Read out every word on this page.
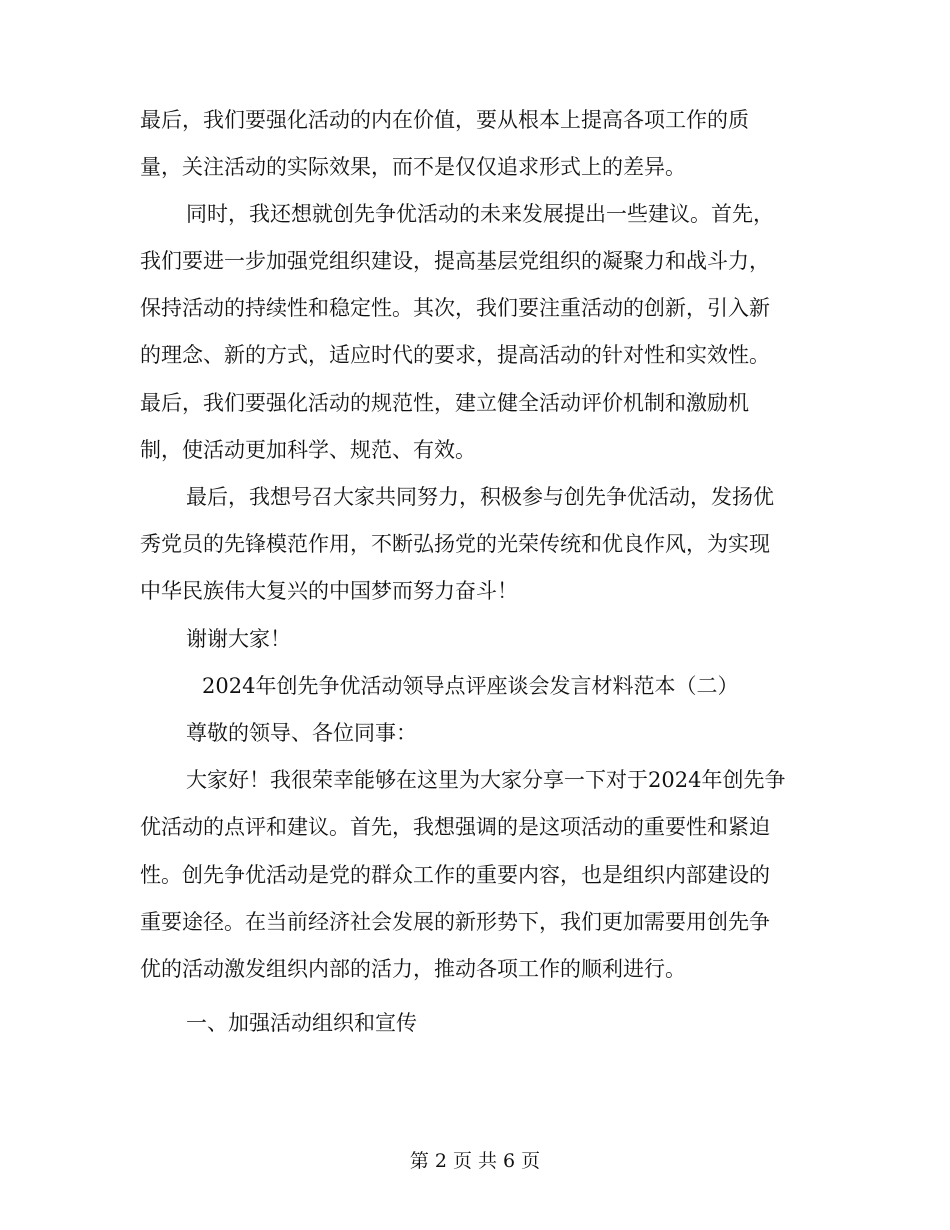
最后，我们要强化活动的内在价值，要从根本上提高各项工作的质
量，关注活动的实际效果，而不是仅仅追求形式上的差异。
同时，我还想就创先争优活动的未来发展提出一些建议。首先，
我们要进一步加强党组织建设，提高基层党组织的凝聚力和战斗力，
保持活动的持续性和稳定性。其次，我们要注重活动的创新，引入新
的理念、新的方式，适应时代的要求，提高活动的针对性和实效性。
最后，我们要强化活动的规范性，建立健全活动评价机制和激励机
制，使活动更加科学、规范、有效。
最后，我想号召大家共同努力，积极参与创先争优活动，发扬优
秀党员的先锋模范作用，不断弘扬党的光荣传统和优良作风，为实现
中华民族伟大复兴的中国梦而努力奋斗！
谢谢大家！
2024年创先争优活动领导点评座谈会发言材料范本（二）
尊敬的领导、各位同事：
大家好！我很荣幸能够在这里为大家分享一下对于2024年创先争
优活动的点评和建议。首先，我想强调的是这项活动的重要性和紧迫
性。创先争优活动是党的群众工作的重要内容，也是组织内部建设的
重要途径。在当前经济社会发展的新形势下，我们更加需要用创先争
优的活动激发组织内部的活力，推动各项工作的顺利进行。
一、加强活动组织和宣传
第 2 页 共 6 页
